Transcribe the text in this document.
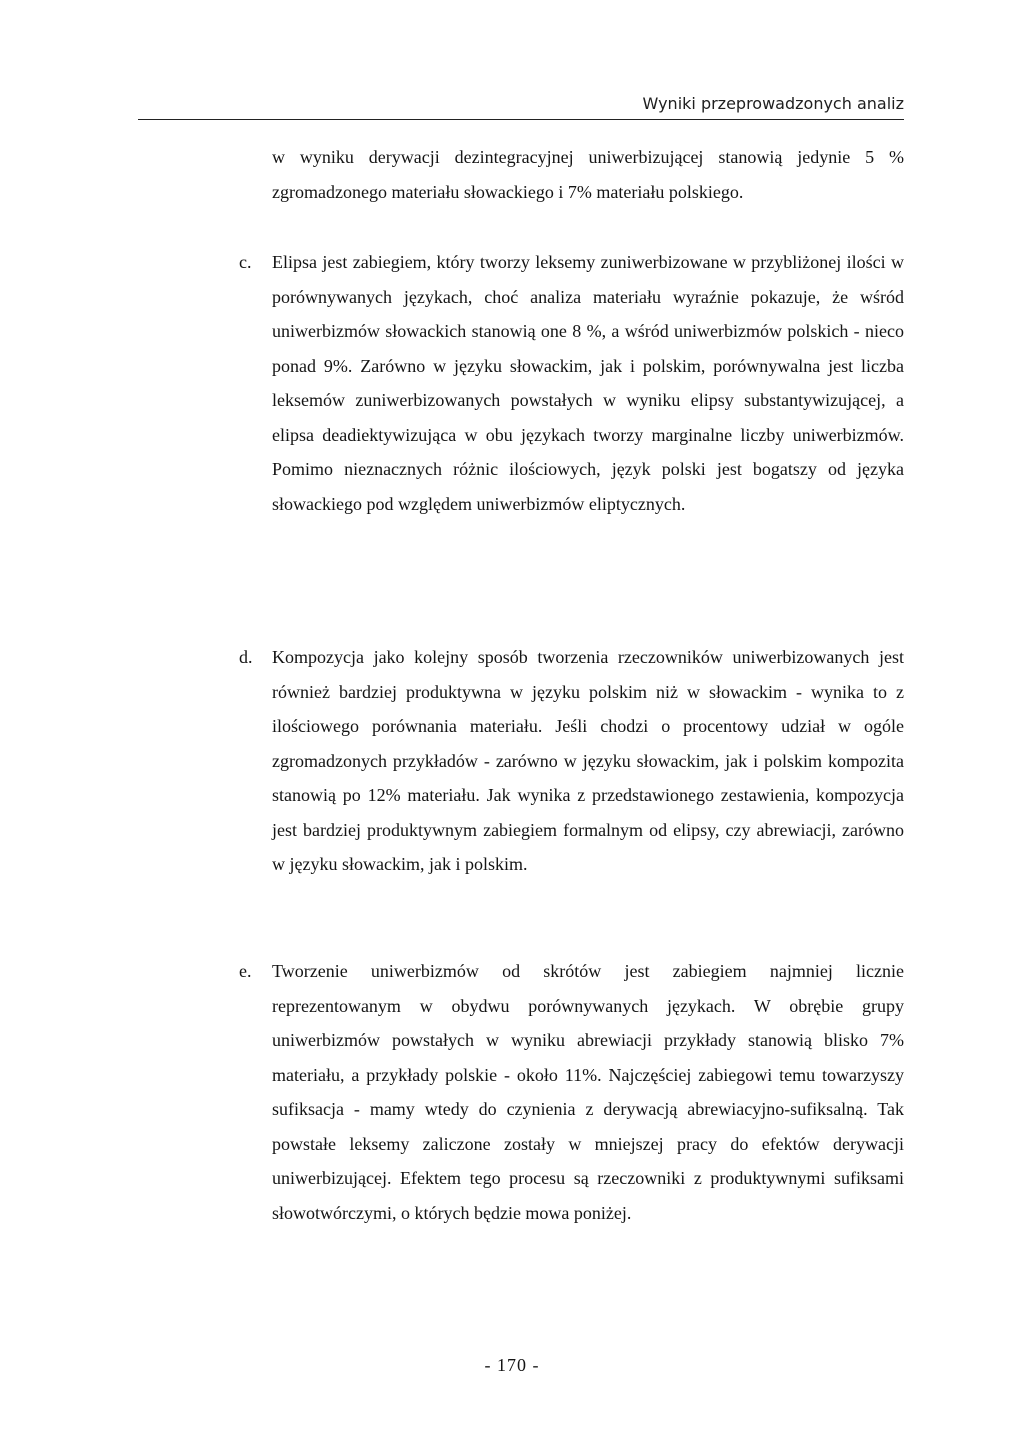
Wyniki przeprowadzonych analiz

w wyniku derywacji dezintegracyjnej uniwerbizującej stanowią jedynie 5 % zgromadzonego materiału słowackiego i 7% materiału polskiego.

c. Elipsa jest zabiegiem, który tworzy leksemy zuniwerbizowane w przybliżonej ilości w porównywanych językach, choć analiza materiału wyraźnie pokazuje, że wśród uniwerbizmów słowackich stanowią one 8 %, a wśród uniwerbizmów polskich - nieco ponad 9%. Zarówno w języku słowackim, jak i polskim, porównywalna jest liczba leksemów zuniwerbizowanych powstałych w wyniku elipsy substantywizującej, a elipsa deadiektywizująca w obu językach tworzy marginalne liczby uniwerbizmów. Pomimo nieznacznych różnic ilościowych, język polski jest bogatszy od języka słowackiego pod względem uniwerbizmów eliptycznych.

d. Kompozycja jako kolejny sposób tworzenia rzeczowników uniwerbizowanych jest również bardziej produktywna w języku polskim niż w słowackim - wynika to z ilościowego porównania materiału. Jeśli chodzi o procentowy udział w ogóle zgromadzonych przykładów - zarówno w języku słowackim, jak i polskim kompozita stanowią po 12% materiału. Jak wynika z przedstawionego zestawienia, kompozycja jest bardziej produktywnym zabiegiem formalnym od elipsy, czy abrewiacji, zarówno w języku słowackim, jak i polskim.

e. Tworzenie uniwerbizmów od skrótów jest zabiegiem najmniej licznie reprezentowanym w obydwu porównywanych językach. W obrębie grupy uniwerbizmów powstałych w wyniku abrewiacji przykłady stanowią blisko 7% materiału, a przykłady polskie - około 11%. Najczęściej zabiegowi temu towarzyszy sufiksacja - mamy wtedy do czynienia z derywacją abrewiacyjno-sufiksalną. Tak powstałe leksemy zaliczone zostały w mniejszej pracy do efektów derywacji uniwerbizującej. Efektem tego procesu są rzeczowniki z produktywnymi sufiksami słowotwórczymi, o których będzie mowa poniżej.

- 170 -
